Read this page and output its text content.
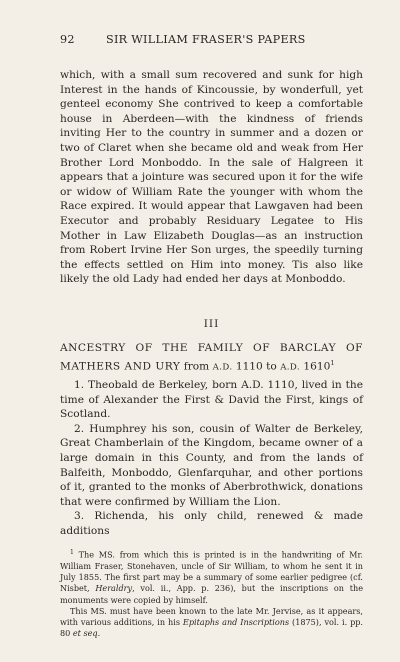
92	SIR WILLIAM FRASER'S PAPERS

which, with a small sum recovered and sunk for high Interest in the hands of Kincoussie, by wonderfull, yet genteel economy She contrived to keep a comfortable house in Aberdeen—with the kindness of friends inviting Her to the country in summer and a dozen or two of Claret when she became old and weak from Her Brother Lord Monboddo. In the sale of Halgreen it appears that a jointure was secured upon it for the wife or widow of William Rate the younger with whom the Race expired. It would appear that Lawgaven had been Executor and probably Residuary Legatee to His Mother in Law Elizabeth Douglas—as an instruction from Robert Irvine Her Son urges, the speedily turning the effects settled on Him into money. Tis also like likely the old Lady had ended her days at Monboddo.

III
ANCESTRY OF THE FAMILY OF BARCLAY OF MATHERS AND URY from A.D. 1110 to A.D. 1610$^1$

1. Theobald de Berkeley, born A.D. 1110, lived in the time of Alexander the First & David the First, kings of Scotland.

2. Humphrey his son, cousin of Walter de Berkeley, Great Chamberlain of the Kingdom, became owner of a large domain in this County, and from the lands of Balfeith, Monboddo, Glenfarquhar, and other portions of it, granted to the monks of Aberbrothwick, donations that were confirmed by William the Lion.

3. Richenda, his only child, renewed & made additions

$^1$ The MS. from which this is printed is in the handwriting of Mr. William Fraser, Stonehaven, uncle of Sir William, to whom he sent it in July 1855. The first part may be a summary of some earlier pedigree (cf. Nisbet, Heraldry, vol. ii., App. p. 236), but the inscriptions on the monuments were copied by himself.

This MS. must have been known to the late Mr. Jervise, as it appears, with various additions, in his Epitaphs and Inscriptions (1875), vol. i. pp. 80 et seq.
